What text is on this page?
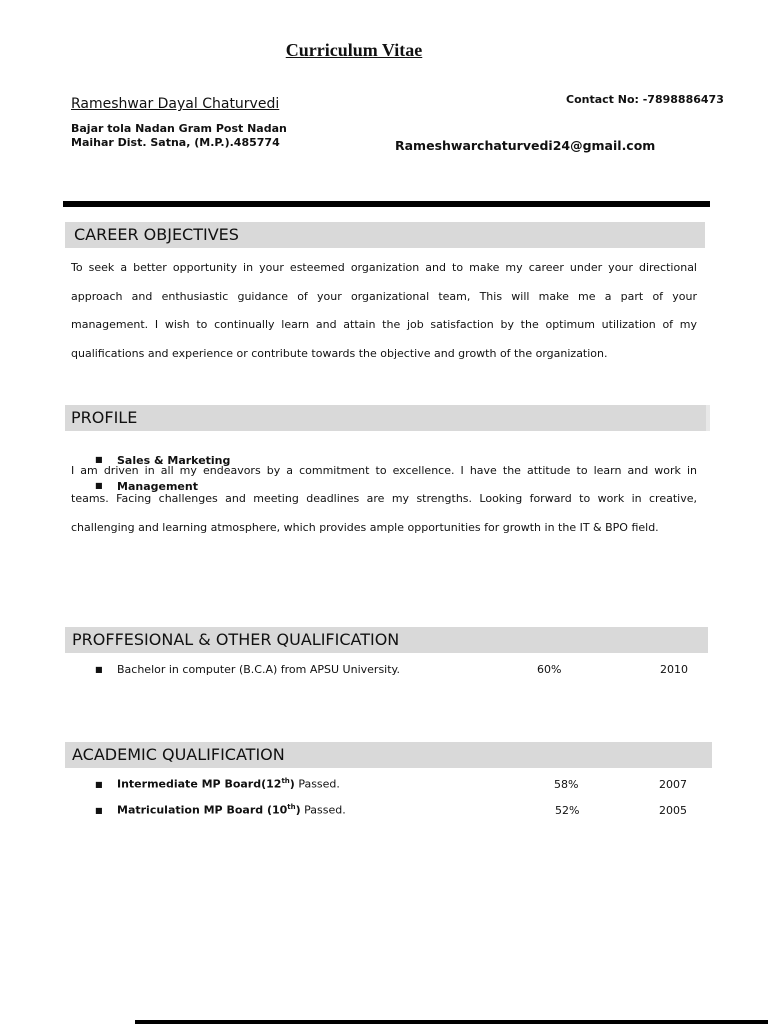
Curriculum Vitae
Rameshwar Dayal Chaturvedi	Contact No: -7898886473
Bajar tola Nadan Gram Post Nadan
Maihar Dist. Satna, (M.P.).485774	Rameshwarchaturvedi24@gmail.com
CAREER OBJECTIVES
To seek a better opportunity in your esteemed organization and to make my career under your directional
approach and enthusiastic guidance of your organizational team, This will make me a part of your
management. I wish to continually learn and attain the job satisfaction by the optimum utilization of my
qualifications and experience or contribute towards the objective and growth of the organization.
PROFILE
■ Sales & Marketing
I am driven in all my endeavors by a commitment to excellence. I have the attitude to learn and work in
■ Management
teams. Facing challenges and meeting deadlines are my strengths. Looking forward to work in creative,
challenging and learning atmosphere, which provides ample opportunities for growth in the IT & BPO field.
PROFFESIONAL & OTHER QUALIFICATION
■ Bachelor in computer (B.C.A) from APSU University.	60%	2010
ACADEMIC QUALIFICATION
■ Intermediate MP Board(12th) Passed.	58%	2007
■ Matriculation MP Board (10th) Passed.	52%	2005
